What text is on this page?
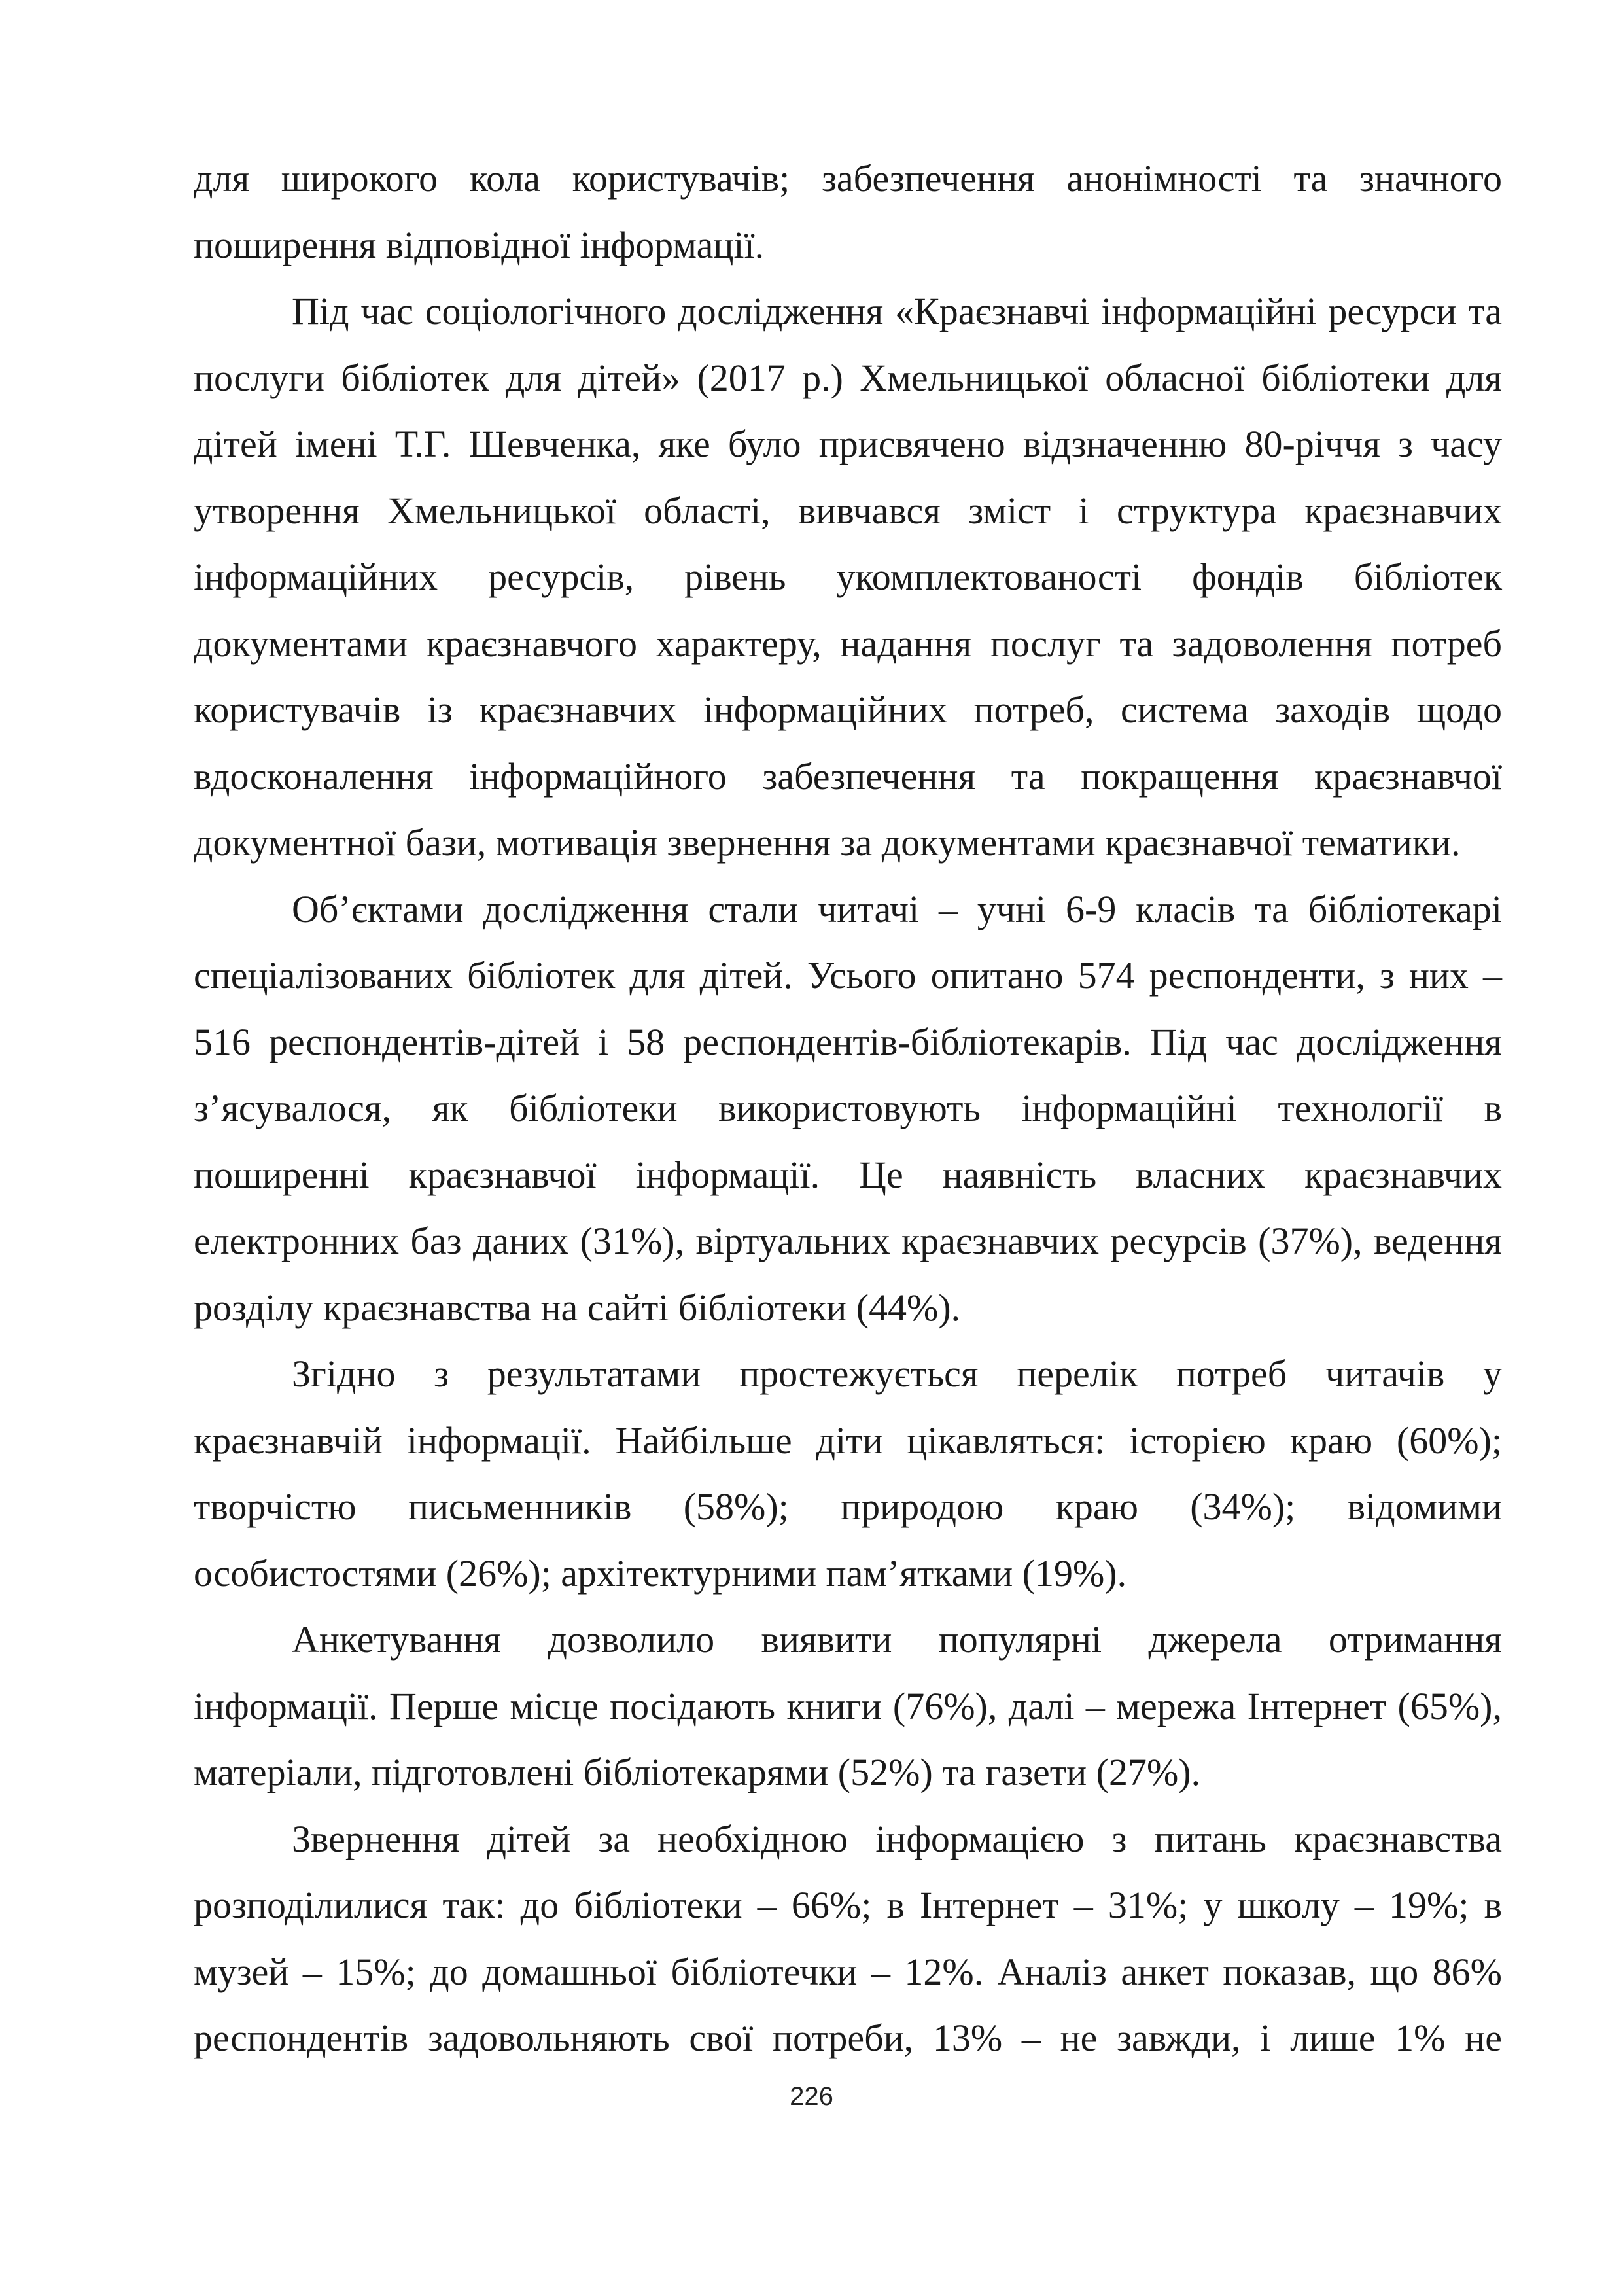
для широкого кола користувачів; забезпечення анонімності та значного
поширення відповідної інформації.
Під час соціологічного дослідження «Краєзнавчі інформаційні ресурси та
послуги бібліотек для дітей» (2017 р.) Хмельницької обласної бібліотеки для
дітей імені Т.Г. Шевченка, яке було присвячено відзначенню 80-річчя з часу
утворення Хмельницької області, вивчався зміст і структура краєзнавчих
інформаційних ресурсів, рівень укомплектованості фондів бібліотек
документами краєзнавчого характеру, надання послуг та задоволення потреб
користувачів із краєзнавчих інформаційних потреб, система заходів щодо
вдосконалення інформаційного забезпечення та покращення краєзнавчої
документної бази, мотивація звернення за документами краєзнавчої тематики.
Об’єктами дослідження стали читачі – учні 6-9 класів та бібліотекарі
спеціалізованих бібліотек для дітей. Усього опитано 574 респонденти, з них –
516 респондентів-дітей і 58 респондентів-бібліотекарів. Під час дослідження
з’ясувалося, як бібліотеки використовують інформаційні технології в
поширенні краєзнавчої інформації. Це наявність власних краєзнавчих
електронних баз даних (31%), віртуальних краєзнавчих ресурсів (37%), ведення
розділу краєзнавства на сайті бібліотеки (44%).
Згідно з результатами простежується перелік потреб читачів у
краєзнавчій інформації. Найбільше діти цікавляться: історією краю (60%);
творчістю письменників (58%); природою краю (34%); відомими
особистостями (26%); архітектурними пам’ятками (19%).
Анкетування дозволило виявити популярні джерела отримання
інформації. Перше місце посідають книги (76%), далі – мережа Інтернет (65%),
матеріали, підготовлені бібліотекарями (52%) та газети (27%).
Звернення дітей за необхідною інформацією з питань краєзнавства
розподілилися так: до бібліотеки – 66%; в Інтернет – 31%; у школу – 19%; в
музей – 15%; до домашньої бібліотечки – 12%. Аналіз анкет показав, що 86%
респондентів задовольняють свої потреби, 13% – не завжди, і лише 1% не
226
